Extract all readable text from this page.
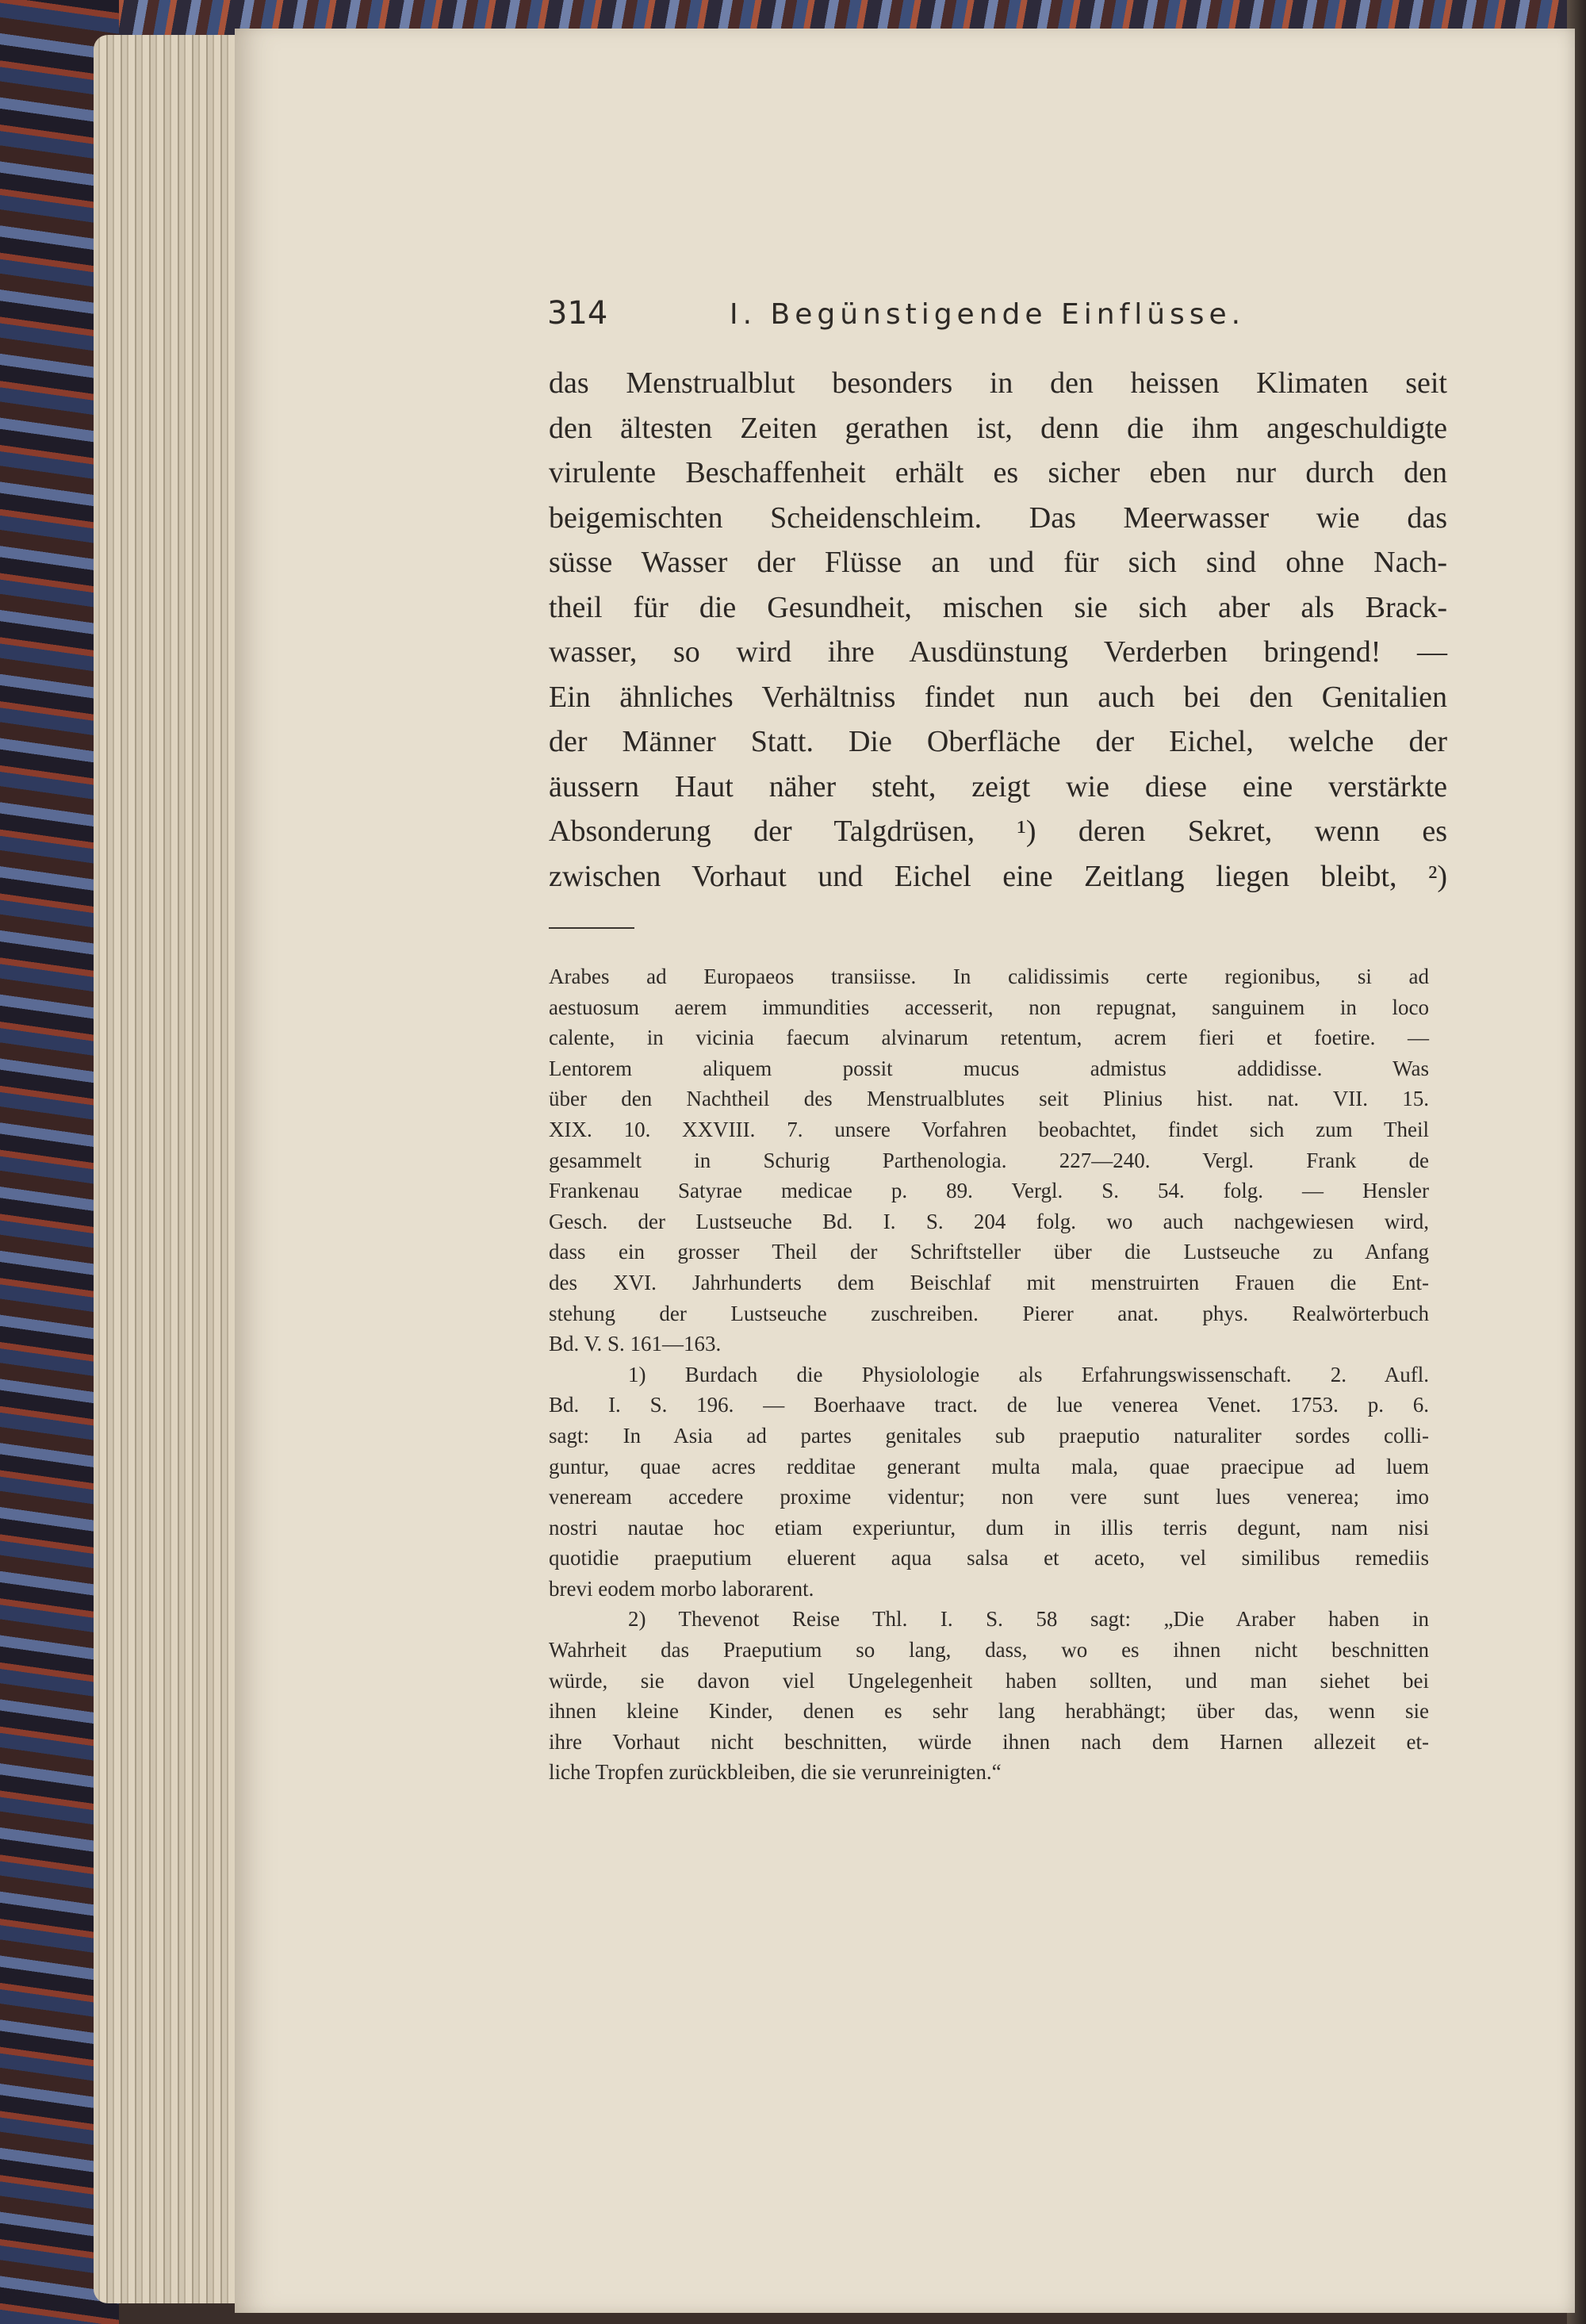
314	I. Begünstigende Einflüsse.
das Menstrualblut besonders in den heissen Klimaten seit
den ältesten Zeiten gerathen ist, denn die ihm angeschuldigte
virulente Beschaffenheit erhält es sicher eben nur durch den
beigemischten Scheidenschleim. Das Meerwasser wie das
süsse Wasser der Flüsse an und für sich sind ohne Nach-
theil für die Gesundheit, mischen sie sich aber als Brack-
wasser, so wird ihre Ausdünstung Verderben bringend! —
Ein ähnliches Verhältniss findet nun auch bei den Genitalien
der Männer Statt. Die Oberfläche der Eichel, welche der
äussern Haut näher steht, zeigt wie diese eine verstärkte
Absonderung der Talgdrüsen, ¹) deren Sekret, wenn es
zwischen Vorhaut und Eichel eine Zeitlang liegen bleibt, ²)
Arabes ad Europaeos transiisse. In calidissimis certe regionibus, si ad
aestuosum aerem immundities accesserit, non repugnat, sanguinem in loco
calente, in vicinia faecum alvinarum retentum, acrem fieri et foetire. —
Lentorem aliquem possit mucus admistus addidisse. Was
über den Nachtheil des Menstrualblutes seit Plinius hist. nat. VII. 15.
XIX. 10. XXVIII. 7. unsere Vorfahren beobachtet, findet sich zum Theil
gesammelt in Schurig Parthenologia. 227—240. Vergl. Frank de
Frankenau Satyrae medicae p. 89. Vergl. S. 54. folg. — Hensler
Gesch. der Lustseuche Bd. I. S. 204 folg. wo auch nachgewiesen wird,
dass ein grosser Theil der Schriftsteller über die Lustseuche zu Anfang
des XVI. Jahrhunderts dem Beischlaf mit menstruirten Frauen die Ent-
stehung der Lustseuche zuschreiben. Pierer anat. phys. Realwörterbuch
Bd. V. S. 161—163.
1) Burdach die Physiolologie als Erfahrungswissenschaft. 2. Aufl.
Bd. I. S. 196. — Boerhaave tract. de lue venerea Venet. 1753. p. 6.
sagt: In Asia ad partes genitales sub praeputio naturaliter sordes colli-
guntur, quae acres redditae generant multa mala, quae praecipue ad luem
veneream accedere proxime videntur; non vere sunt lues venerea; imo
nostri nautae hoc etiam experiuntur, dum in illis terris degunt, nam nisi
quotidie praeputium eluerent aqua salsa et aceto, vel similibus remediis
brevi eodem morbo laborarent.
2) Thevenot Reise Thl. I. S. 58 sagt: „Die Araber haben in
Wahrheit das Praeputium so lang, dass, wo es ihnen nicht beschnitten
würde, sie davon viel Ungelegenheit haben sollten, und man siehet bei
ihnen kleine Kinder, denen es sehr lang herabhängt; über das, wenn sie
ihre Vorhaut nicht beschnitten, würde ihnen nach dem Harnen allezeit et-
liche Tropfen zurückbleiben, die sie verunreinigten.“
